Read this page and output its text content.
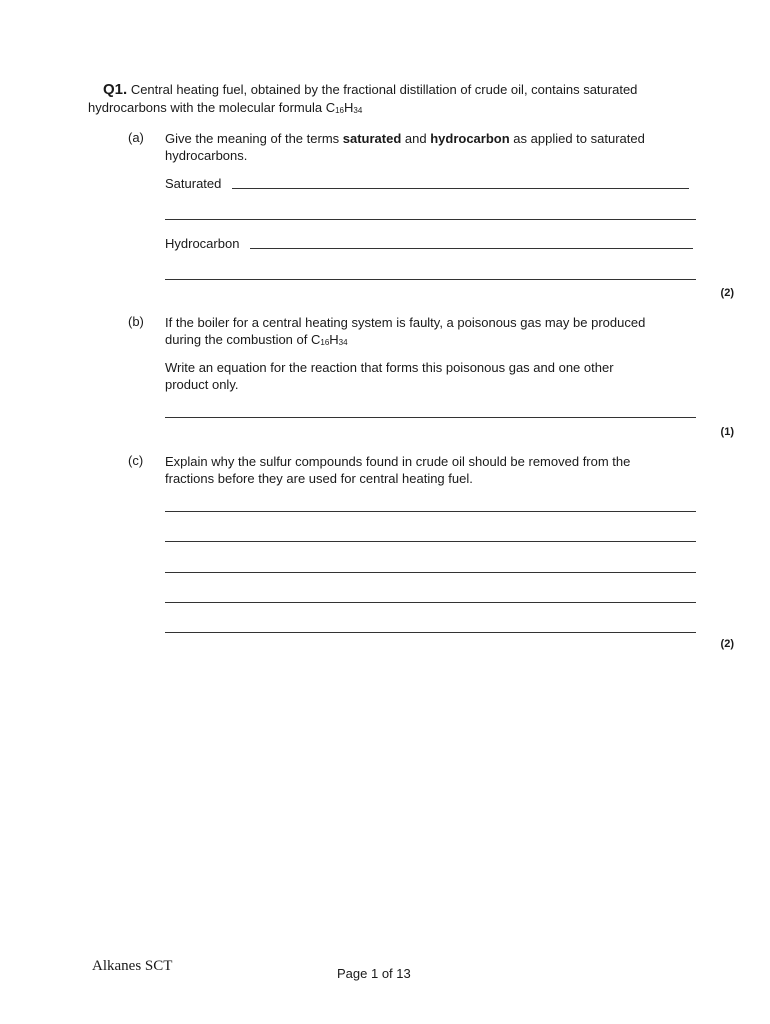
Q1. Central heating fuel, obtained by the fractional distillation of crude oil, contains saturated
hydrocarbons with the molecular formula $C_{16}H_{34}$
(a) Give the meaning of the terms saturated and hydrocarbon as applied to saturated
hydrocarbons.
Saturated
Hydrocarbon
(2)
(b) If the boiler for a central heating system is faulty, a poisonous gas may be produced
during the combustion of $C_{16}H_{34}$
Write an equation for the reaction that forms this poisonous gas and one other
product only.
(1)
(c) Explain why the sulfur compounds found in crude oil should be removed from the
fractions before they are used for central heating fuel.
(2)
Alkanes SCT	Page 1 of 13
